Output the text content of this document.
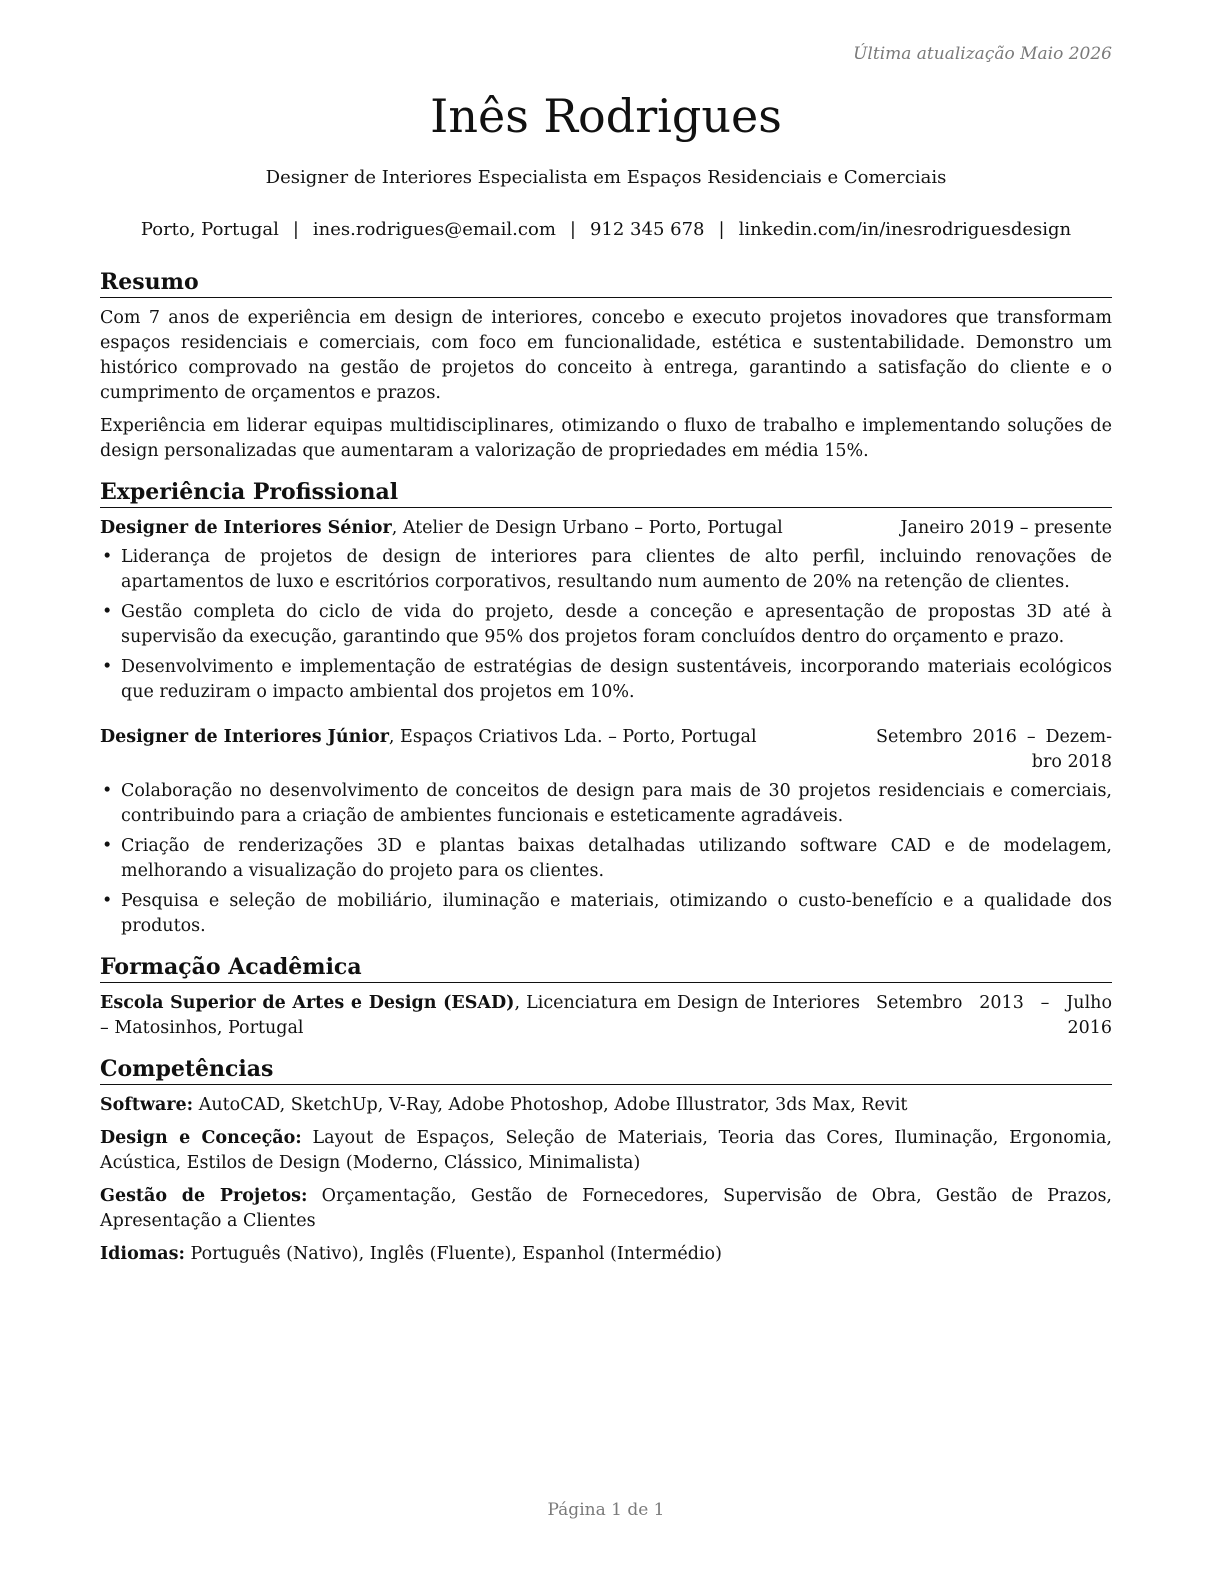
Última atualização Maio 2026
Inês Rodrigues
Designer de Interiores Especialista em Espaços Residenciais e Comerciais
Porto, Portugal | ines.rodrigues@email.com | 912 345 678 | linkedin.com/in/inesrodriguesdesign
Resumo

Com 7 anos de experiência em design de interiores, concebo e executo projetos inovadores que transformam espaços residenciais e comerciais, com foco em funcionalidade, estética e sustentabilidade. Demonstro um histórico comprovado na gestão de projetos do conceito à entrega, garantindo a satisfação do cliente e o cumprimento de orçamentos e prazos.

Experiência em liderar equipas multidisciplinares, otimizando o fluxo de trabalho e implementando soluções de design personalizadas que aumentaram a valorização de propriedades em média 15%.

Experiência Profissional
Designer de Interiores Sénior, Atelier de Design Urbano – Porto, Portugal	Janeiro 2019 – presente
• Liderança de projetos de design de interiores para clientes de alto perfil, incluindo renovações de apartamentos de luxo e escritórios corporativos, resultando num aumento de 20% na retenção de clientes.
• Gestão completa do ciclo de vida do projeto, desde a conceção e apresentação de propostas 3D até à supervisão da execução, garantindo que 95% dos projetos foram concluídos dentro do orçamento e prazo.
• Desenvolvimento e implementação de estratégias de design sustentáveis, incorporando materiais ecológicos que reduziram o impacto ambiental dos projetos em 10%.
Designer de Interiores Júnior, Espaços Criativos Lda. – Porto, Portugal	Setembro 2016 – Dezem-bro 2018
• Colaboração no desenvolvimento de conceitos de design para mais de 30 projetos residenciais e comerciais, contribuindo para a criação de ambientes funcionais e esteticamente agradáveis.
• Criação de renderizações 3D e plantas baixas detalhadas utilizando software CAD e de modelagem, melhorando a visualização do projeto para os clientes.
• Pesquisa e seleção de mobiliário, iluminação e materiais, otimizando o custo-benefício e a qualidade dos produtos.
Formação Acadêmica
Escola Superior de Artes e Design (ESAD), Licenciatura em Design de Interiores – Matosinhos, Portugal
Setembro 2013 – Julho 2016
Competências

Software: AutoCAD, SketchUp, V-Ray, Adobe Photoshop, Adobe Illustrator, 3ds Max, Revit

Design e Conceção: Layout de Espaços, Seleção de Materiais, Teoria das Cores, Iluminação, Ergonomia, Acústica, Estilos de Design (Moderno, Clássico, Minimalista)

Gestão de Projetos: Orçamentação, Gestão de Fornecedores, Supervisão de Obra, Gestão de Prazos, Apresentação a Clientes

Idiomas: Português (Nativo), Inglês (Fluente), Espanhol (Intermédio)

Página 1 de 1
